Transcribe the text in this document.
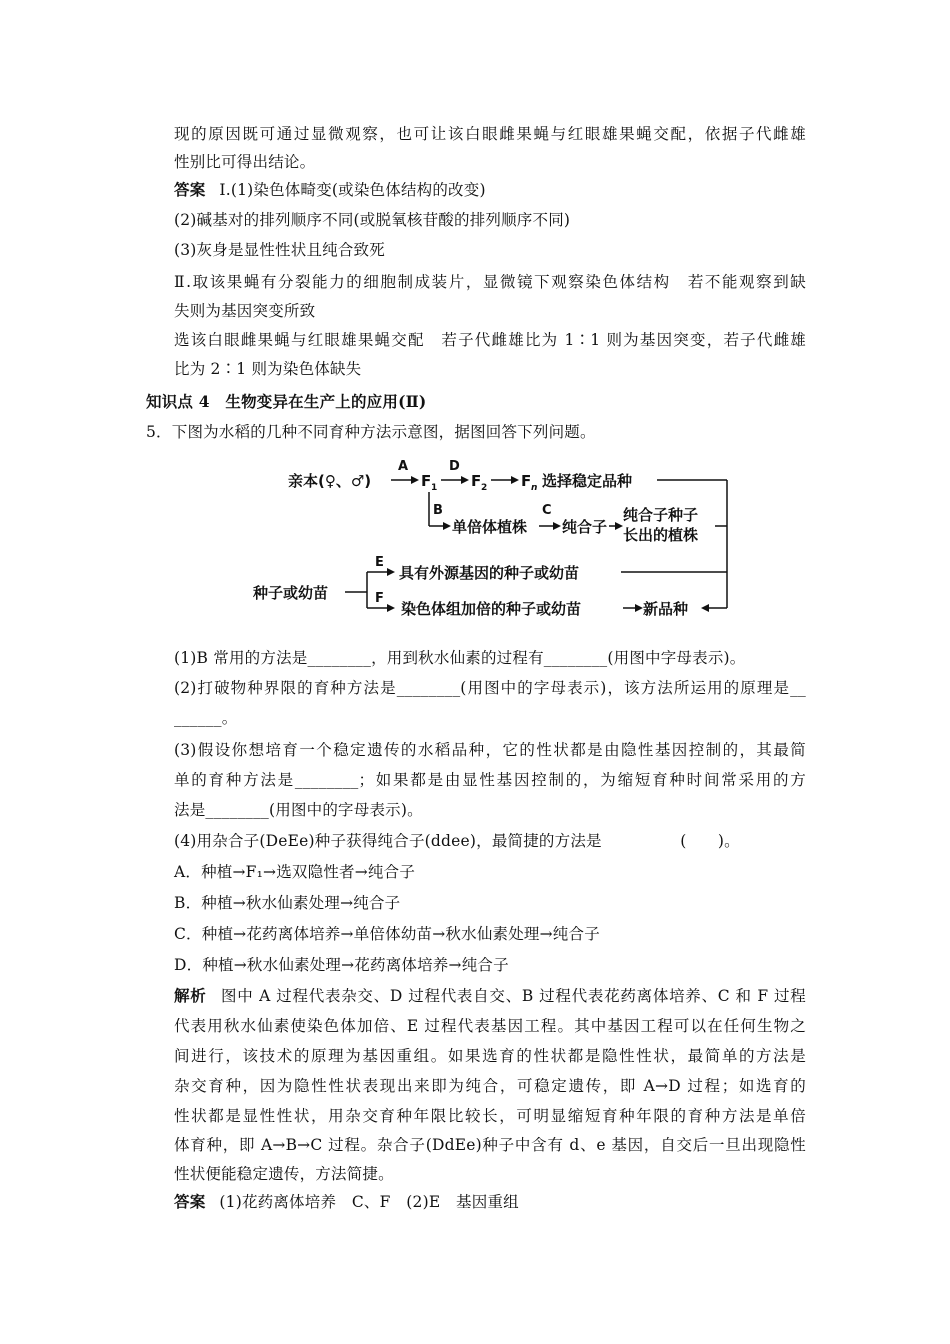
现的原因既可通过显微观察，也可让该白眼雌果蝇与红眼雄果蝇交配，依据子代雌雄
性别比可得出结论。
答案 Ⅰ.(1)染色体畸变(或染色体结构的改变)
(2)碱基对的排列顺序不同(或脱氧核苷酸的排列顺序不同)
(3)灰身是显性性状且纯合致死
Ⅱ.取该果蝇有分裂能力的细胞制成装片，显微镜下观察染色体结构　若不能观察到缺
失则为基因突变所致
选该白眼雌果蝇与红眼雄果蝇交配　若子代雌雄比为 1∶1 则为基因突变，若子代雌雄
比为 2∶1 则为染色体缺失
知识点 4　生物变异在生产上的应用(Ⅱ)
5．下图为水稻的几种不同育种方法示意图，据图回答下列问题。
亲本(♀、♂)
A
F 1
D
F 2 F n 选择稳定品种
B
单倍体植株
C
纯合子
纯合子种子
长出的植株
种子或幼苗
E
具有外源基因的种子或幼苗
F
染色体组加倍的种子或幼苗	新品种
(1)B 常用的方法是________，用到秋水仙素的过程有________(用图中字母表示)。
(2)打破物种界限的育种方法是________(用图中的字母表示)，该方法所运用的原理是__
______。
(3)假设你想培育一个稳定遗传的水稻品种，它的性状都是由隐性基因控制的，其最简
单的育种方法是________；如果都是由显性基因控制的，为缩短育种时间常采用的方
法是________(用图中的字母表示)。
(4)用杂合子(DeEe)种子获得纯合子(ddee)，最简捷的方法是　　　　　(　　)。
A．种植→F₁→选双隐性者→纯合子
B．种植→秋水仙素处理→纯合子
C．种植→花药离体培养→单倍体幼苗→秋水仙素处理→纯合子
D．种植→秋水仙素处理→花药离体培养→纯合子
解析 图中 A 过程代表杂交、D 过程代表自交、B 过程代表花药离体培养、C 和 F 过程
代表用秋水仙素使染色体加倍、E 过程代表基因工程。其中基因工程可以在任何生物之
间进行，该技术的原理为基因重组。如果选育的性状都是隐性性状，最简单的方法是
杂交育种，因为隐性性状表现出来即为纯合，可稳定遗传，即 A→D 过程；如选育的
性状都是显性性状，用杂交育种年限比较长，可明显缩短育种年限的育种方法是单倍
体育种，即 A→B→C 过程。杂合子(DdEe)种子中含有 d、e 基因，自交后一旦出现隐性
性状便能稳定遗传，方法简捷。
答案 (1)花药离体培养　C、F　(2)E　基因重组
